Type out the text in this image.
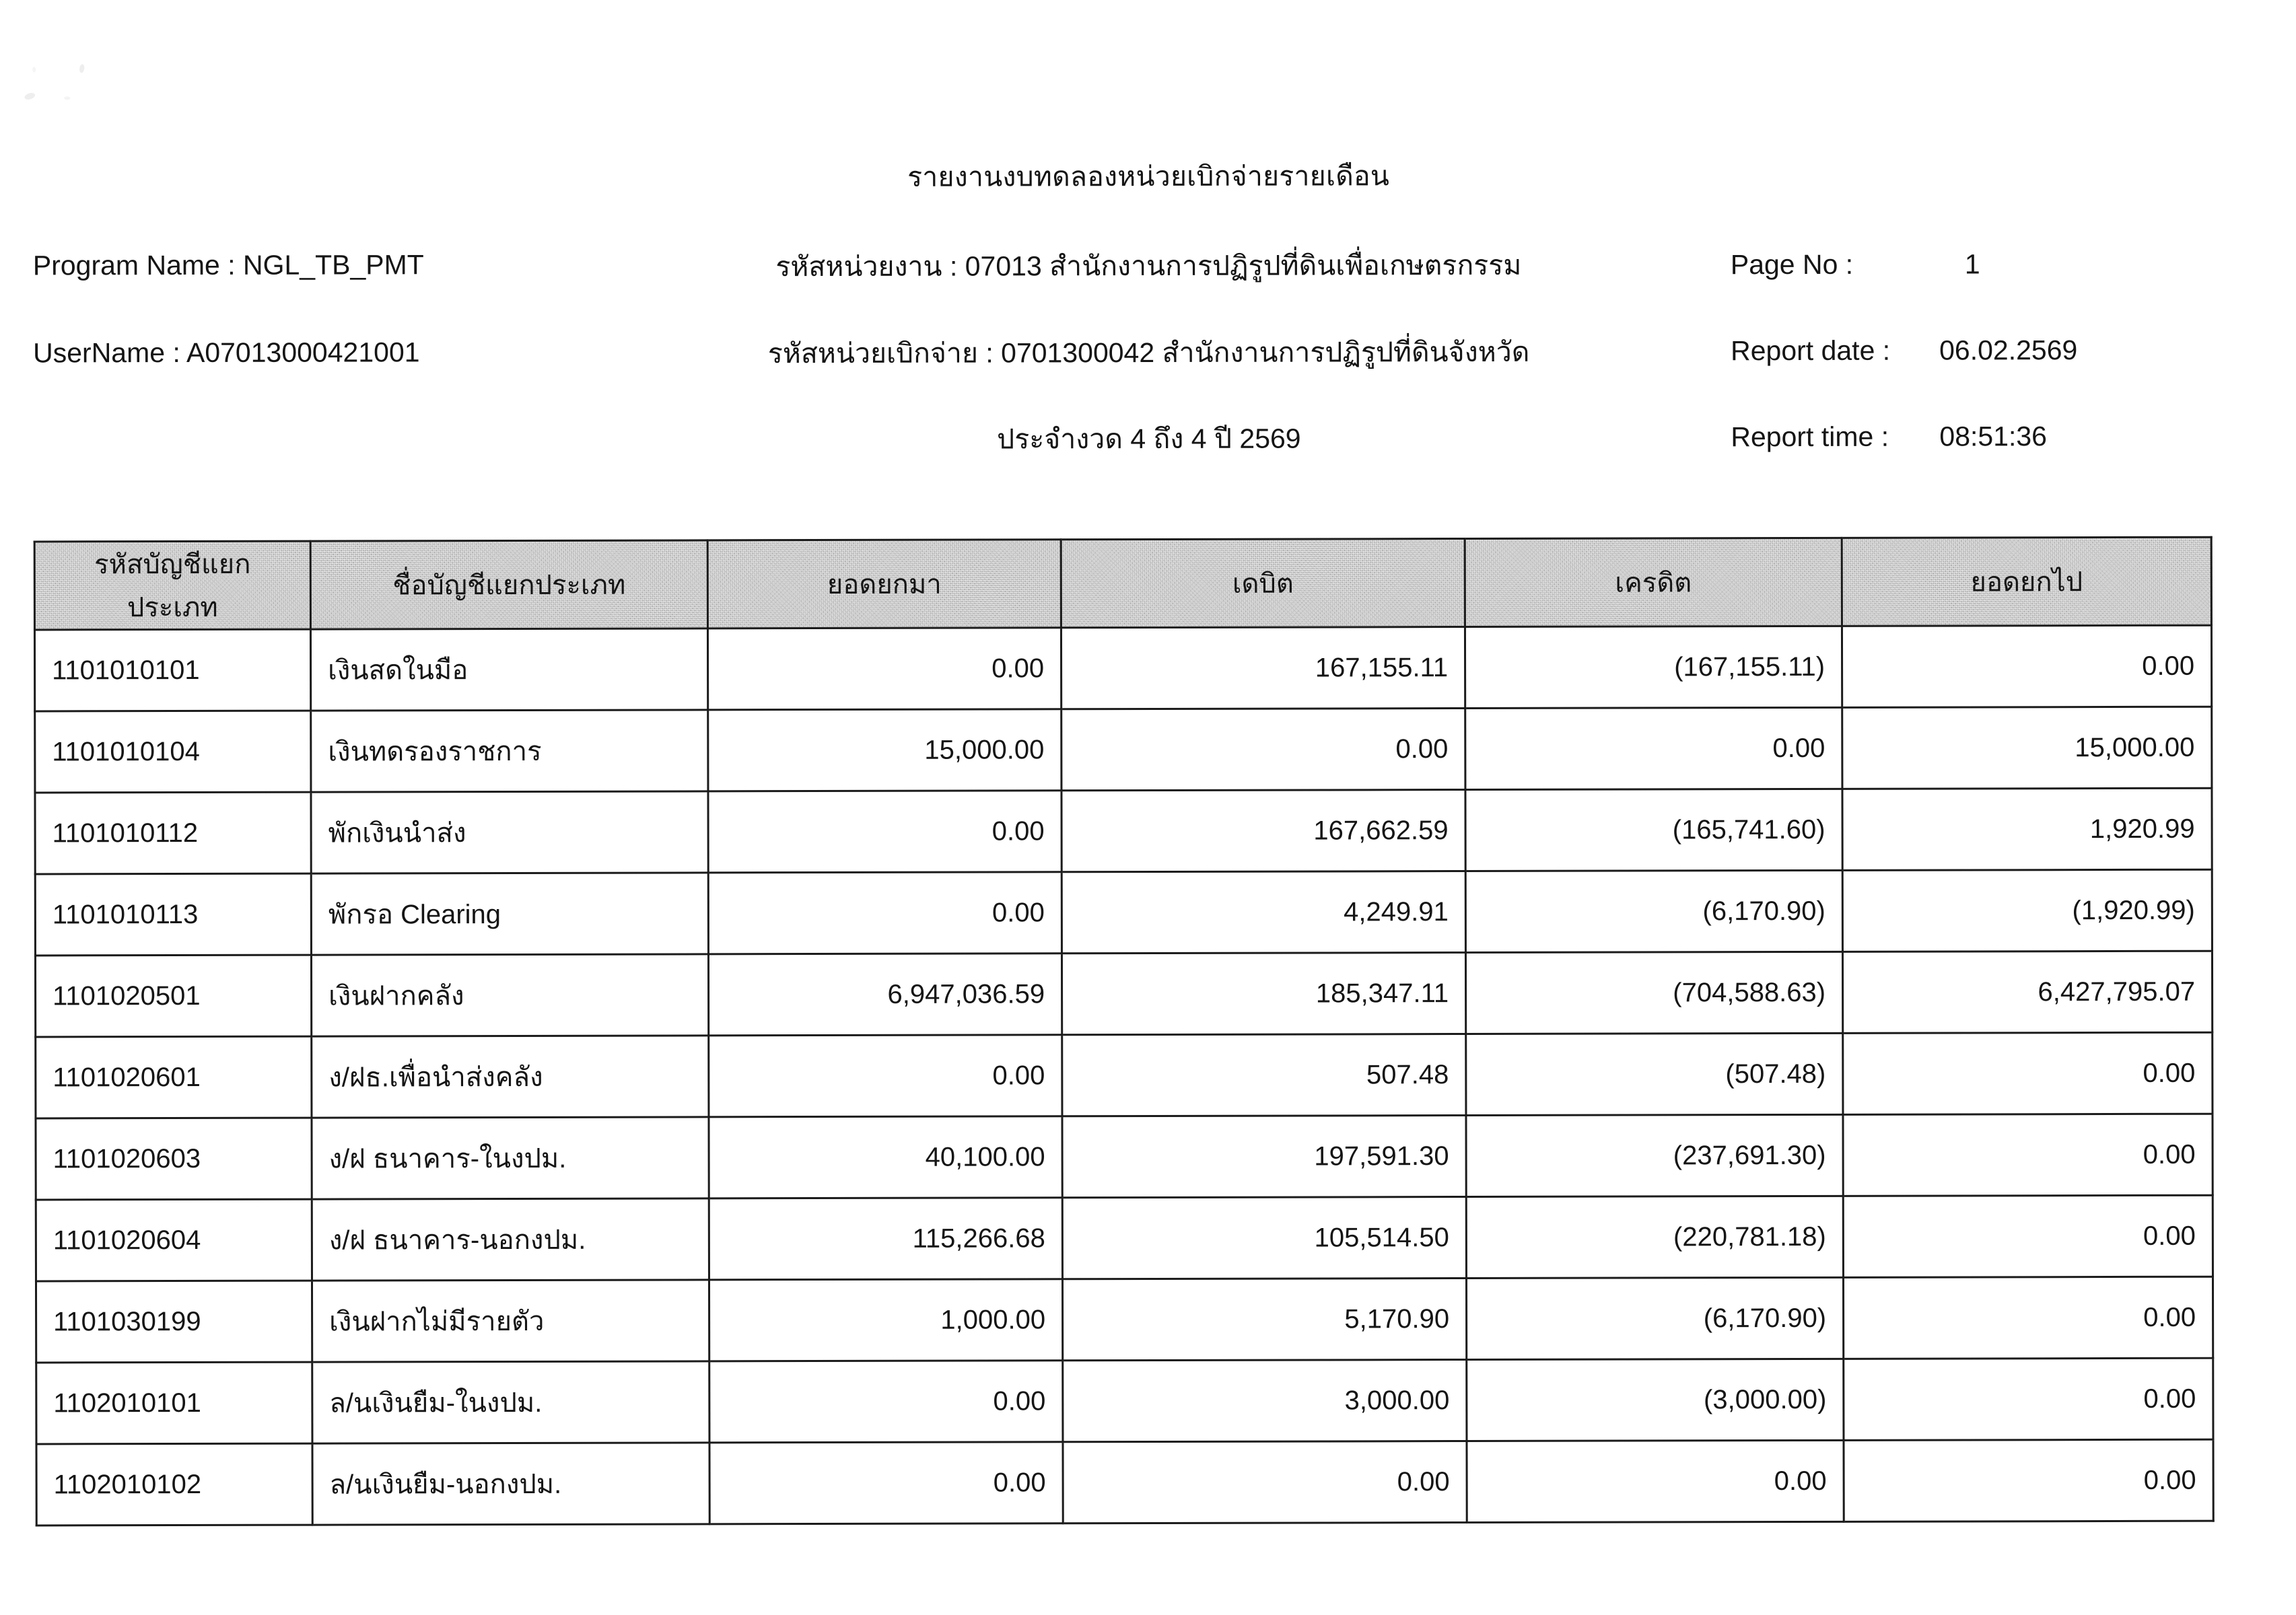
รายงานงบทดลองหน่วยเบิกจ่ายรายเดือน
รหัสหน่วยงาน : 07013 สำนักงานการปฏิรูปที่ดินเพื่อเกษตรกรรม
รหัสหน่วยเบิกจ่าย : 0701300042 สำนักงานการปฏิรูปที่ดินจังหวัด
ประจำงวด 4 ถึง 4 ปี 2569
Program Name : NGL_TB_PMT
UserName : A07013000421001
Page No :	1
Report date : 06.02.2569
Report time : 08:51:36
รหัสบัญชีแยกประเภท	ชื่อบัญชีแยกประเภท	ยอดยกมา	เดบิต	เครดิต	ยอดยกไป
1101010101	เงินสดในมือ	0.00	167,155.11	(167,155.11)	0.00
1101010104	เงินทดรองราชการ	15,000.00	0.00	0.00	15,000.00
1101010112	พักเงินนำส่ง	0.00	167,662.59	(165,741.60)	1,920.99
1101010113	พักรอ Clearing	0.00	4,249.91	(6,170.90)	(1,920.99)
1101020501	เงินฝากคลัง	6,947,036.59	185,347.11	(704,588.63)	6,427,795.07
1101020601	ง/ฝธ.เพื่อนำส่งคลัง	0.00	507.48	(507.48)	0.00
1101020603	ง/ฝ ธนาคาร-ในงปม.	40,100.00	197,591.30	(237,691.30)	0.00
1101020604	ง/ฝ ธนาคาร-นอกงปม.	115,266.68	105,514.50	(220,781.18)	0.00
1101030199	เงินฝากไม่มีรายตัว	1,000.00	5,170.90	(6,170.90)	0.00
1102010101	ล/นเงินยืม-ในงปม.	0.00	3,000.00	(3,000.00)	0.00
1102010102	ล/นเงินยืม-นอกงปม.	0.00	0.00	0.00	0.00
